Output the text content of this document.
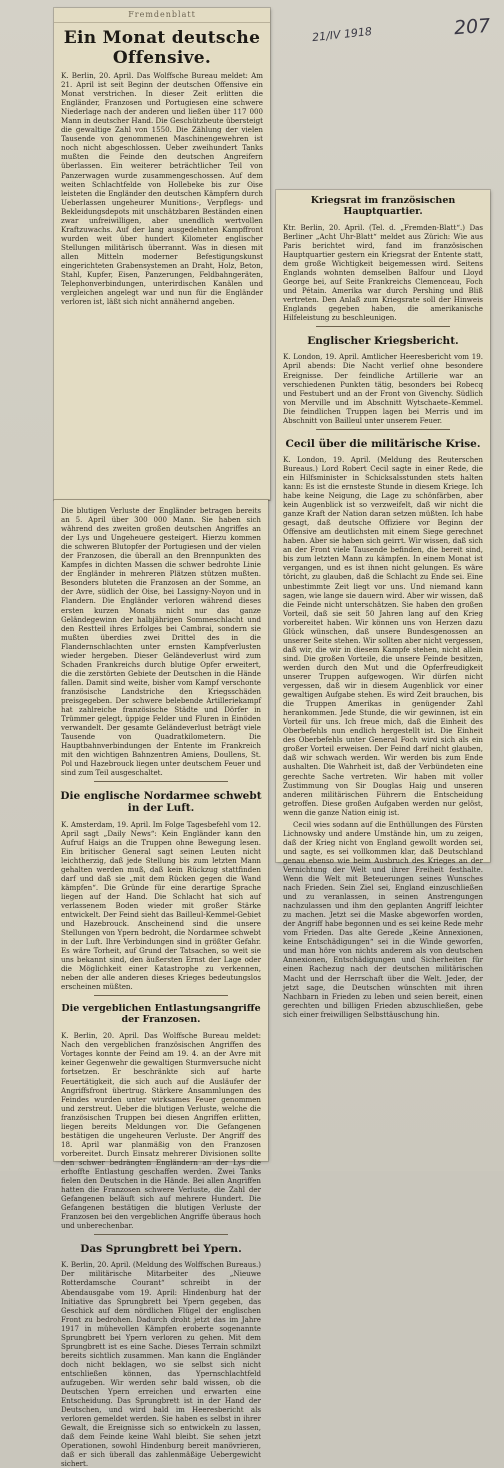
21/IV 1918	207
Fremdenblatt
Ein Monat deutsche Offensive.

K. Berlin, 20. April. Das Wolffsche Bureau meldet: Am 21. April ist seit Beginn der deutschen Offensive ein Monat verstrichen. In dieser Zeit erlitten die Engländer, Franzosen und Portugiesen eine schwere Niederlage nach der anderen und ließen über 117 000 Mann in deutscher Hand. Die Geschützbeute übersteigt die gewaltige Zahl von 1550. Die Zählung der vielen Tausende von genommenen Maschinengewehren ist noch nicht abgeschlossen. Ueber zweihundert Tanks mußten die Feinde den deutschen Angreifern überlassen. Ein weiterer beträchtlicher Teil von Panzerwagen wurde zusammengeschossen. Auf dem weiten Schlachtfelde von Hollebeke bis zur Oise leisteten die Engländer den deutschen Kämpfern durch Ueberlassen ungeheurer Munitions-, Verpflegs- und Bekleidungsdepots mit unschätzbaren Beständen einen zwar unfreiwilligen, aber unendlich wertvollen Kraftzuwachs. Auf der lang ausgedehnten Kampffront wurden weit über hundert Kilometer englischer Stellungen militärisch überrannt. Was in diesen mit allen Mitteln moderner Befestigungskunst eingerichteten Grabensystemen an Draht, Holz, Beton, Stahl, Kupfer, Eisen, Panzerungen, Feldbahngeräten, Telephonverbindungen, unterirdischen Kanälen und vergleichen angelegt war und nun für die Engländer verloren ist, läßt sich nicht annähernd angeben.

Die blutigen Verluste der Engländer betragen bereits an 5. April über 300 000 Mann. Sie haben sich während des zweiten großen deutschen Angriffes an der Lys und Ungeheuere gesteigert. Hierzu kommen die schweren Blutopfer der Portugiesen und der vielen der Franzosen, die überall an den Brennpunkten des Kampfes in dichten Massen die schwer bedrohte Linie der Engländer in mehreren Plätzen stützen mußten. Besonders bluteten die Franzosen an der Somme, an der Avre, südlich der Oise, bei Lassigny-Noyon und in Flandern. Die Engländer verloren während dieses ersten kurzen Monats nicht nur das ganze Geländegewinn der halbjährigen Sommeschlacht und den Restteil ihres Erfolges bei Cambrai, sondern sie mußten überdies zwei Drittel des in die Flandernschlachten unter ernsten Kampfverlusten wieder hergeben. Dieser Geländeverlust wird zum Schaden Frankreichs durch blutige Opfer erweitert, die die zerstörten Gebiete der Deutschen in die Hände fallen. Damit sind weite, bisher vom Kampf verschonte französische Landstriche den Kriegsschäden preisgegeben. Der schwere belebende Artilleriekampf hat zahlreiche französische Städte und Dörfer in Trümmer gelegt, üppige Felder und Fluren in Einöden verwandelt. Der gesamte Geländeverlust beträgt viele Tausende von Quadratkilometern. Die Hauptbahnverbindungen der Entente im Frankreich mit den wichtigen Bahnzentren Amiens, Doullens, St. Pol und Hazebrouck liegen unter deutschem Feuer und sind zum Teil ausgeschaltet.

Die englische Nordarmee schwebt in der Luft.

K. Amsterdam, 19. April. Im Folge Tagesbefehl vom 12. April sagt „Daily News“: Kein Engländer kann den Aufruf Haigs an die Truppen ohne Bewegung lesen. Ein britischer General sagt seinen Leuten nicht leichtherzig, daß jede Stellung bis zum letzten Mann gehalten werden muß, daß kein Rückzug stattfinden darf und daß sie „mit dem Rücken gegen die Wand kämpfen“. Die Gründe für eine derartige Sprache liegen auf der Hand. Die Schlacht hat sich auf verlassenem Boden wieder mit großer Stärke entwickelt. Der Feind sieht das Bailleul-Kemmel-Gebiet und Hazebrouck. Anscheinend sind die unsere Stellungen von Ypern bedroht, die Nordarmee schwebt in der Luft. Ihre Verbindungen sind in größter Gefahr. Es wäre Torheit, auf Grund der Tatsachen, so weit sie uns bekannt sind, den äußersten Ernst der Lage oder die Möglichkeit einer Katastrophe zu verkennen, neben der alle anderen dieses Krieges bedeutungslos erscheinen müßten.

Die vergeblichen Entlastungsangriffe der Franzosen.

K. Berlin, 20. April. Das Wolffsche Bureau meldet: Nach den vergeblichen französischen Angriffen des Vortages konnte der Feind am 19. 4. an der Avre mit keiner Gegenwehr die gewaltigen Sturmversuche nicht fortsetzen. Er beschränkte sich auf harte Feuertätigkeit, die sich auch auf die Ausläufer der Angriffsfront übertrug. Stärkere Ansammlungen des Feindes wurden unter wirksames Feuer genommen und zerstreut. Ueber die blutigen Verluste, welche die französischen Truppen bei diesen Angriffen erlitten, liegen bereits Meldungen vor. Die Gefangenen bestätigen die ungeheuren Verluste. Der Angriff des 18. April war planmäßig von den Franzosen vorbereitet. Durch Einsatz mehrerer Divisionen sollte den schwer bedrängten Engländern an der Lys die erhoffte Entlastung geschaffen werden. Zwei Tanks fielen den Deutschen in die Hände. Bei allen Angriffen hatten die Franzosen schwere Verluste, die Zahl der Gefangenen beläuft sich auf mehrere Hundert. Die Gefangenen bestätigen die blutigen Verluste der Franzosen bei den vergeblichen Angriffe überaus hoch und unberechenbar.

Das Sprungbrett bei Ypern.

K. Berlin, 20. April. (Meldung des Wolffschen Bureaus.) Der militärische Mitarbeiter des „Nieuwe Rotterdamsche Courant“ schreibt in der Abendausgabe vom 19. April: Hindenburg hat der Initiative das Sprungbrett bei Ypern gegeben, das Geschick auf dem nördlichen Flügel der englischen Front zu bedrohen. Dadurch droht jetzt das im Jahre 1917 in mühevollen Kämpfen eroberte sogenannte Sprungbrett bei Ypern verloren zu gehen. Mit dem Sprungbrett ist es eine Sache. Dieses Terrain schmilzt bereits sichtlich zusammen. Man kann die Engländer doch nicht beklagen, wo sie selbst sich nicht entschließen können, das Ypernschlachtfeld aufzugeben. Wir werden sehr bald wissen, ob die Deutschen Ypern erreichen und erwarten eine Entscheidung. Das Sprungbrett ist in der Hand der Deutschen, und wird bald im Heeresbericht als verloren gemeldet werden. Sie haben es selbst in ihrer Gewalt, die Ereignisse sich so entwickeln zu lassen, daß dem Feinde keine Wahl bleibt. Sie sehen jetzt Operationen, sowohl Hindenburg bereit manövrieren, daß er sich überall das zahlenmäßige Uebergewicht sichert.

Kriegsrat im französischen Hauptquartier.

Ktr. Berlin, 20. April. (Tel. d. „Fremden-Blatt“.) Das Berliner „Acht Uhr-Blatt“ meldet aus Zürich: Wie aus Paris berichtet wird, fand im französischen Hauptquartier gestern ein Kriegsrat der Entente statt, dem große Wichtigkeit beigemessen wird. Seitens Englands wohnten demselben Balfour und Lloyd George bei, auf Seite Frankreichs Clemenceau, Foch und Pétain. Amerika war durch Pershing und Bliß vertreten. Den Anlaß zum Kriegsrate soll der Hinweis Englands gegeben haben, die amerikanische Hilfeleistung zu beschleunigen.

Englischer Kriegsbericht.

K. London, 19. April. Amtlicher Heeresbericht vom 19. April abends: Die Nacht verlief ohne besondere Ereignisse. Der feindliche Artillerie war an verschiedenen Punkten tätig, besonders bei Robecq und Festubert und an der Front von Givenchy. Südlich von Merville und im Abschnitt Wytschaete–Kemmel. Die feindlichen Truppen lagen bei Merris und im Abschnitt von Bailleul unter unserem Feuer.

Cecil über die militärische Krise.

K. London, 19. April. (Meldung des Reuterschen Bureaus.) Lord Robert Cecil sagte in einer Rede, die ein Hilfsminister in Schicksalsstunden stets halten kann: Es ist die ernsteste Stunde in diesem Kriege. Ich habe keine Neigung, die Lage zu schönfärben, aber kein Augenblick ist so verzweifelt, daß wir nicht die ganze Kraft der Nation daran setzen müßten. Ich habe gesagt, daß deutsche Offiziere vor Beginn der Offensive am deutlichsten mit einem Siege gerechnet haben. Aber sie haben sich geirrt. Wir wissen, daß sich an der Front viele Tausende befinden, die bereit sind, bis zum letzten Mann zu kämpfen. In einem Monat ist vergangen, und es ist ihnen nicht gelungen. Es wäre töricht, zu glauben, daß die Schlacht zu Ende sei. Eine unbestimmte Zeit liegt vor uns. Und niemand kann sagen, wie lange sie dauern wird. Aber wir wissen, daß die Feinde nicht unterschätzen. Sie haben den großen Vorteil, daß sie seit 50 Jahren lang auf den Krieg vorbereitet haben. Wir können uns von Herzen dazu Glück wünschen, daß unsere Bundesgenossen an unserer Seite stehen. Wir sollten aber nicht vergessen, daß wir, die wir in diesem Kampfe stehen, nicht allein sind. Die großen Vorteile, die unsere Feinde besitzen, werden durch den Mut und die Opferfreudigkeit unserer Truppen aufgewogen. Wir dürfen nicht vergessen, daß wir in diesem Augenblick vor einer gewaltigen Aufgabe stehen. Es wird Zeit brauchen, bis die Truppen Amerikas in genügender Zahl herankommen. Jede Stunde, die wir gewinnen, ist ein Vorteil für uns. Ich freue mich, daß die Einheit des Oberbefehls nun endlich hergestellt ist. Die Einheit des Oberbefehls unter General Foch wird sich als ein großer Vorteil erweisen. Der Feind darf nicht glauben, daß wir schwach werden. Wir werden bis zum Ende aushalten. Die Wahrheit ist, daß der Verbündeten eine gerechte Sache vertreten. Wir haben mit voller Zustimmung von Sir Douglas Haig und unseren anderen militärischen Führern die Entscheidung getroffen. Diese großen Aufgaben werden nur gelöst, wenn die ganze Nation einig ist.

Cecil wies sodann auf die Enthüllungen des Fürsten Lichnowsky und andere Umstände hin, um zu zeigen, daß der Krieg nicht von England gewollt worden sei, und sagte, es sei vollkommen klar, daß Deutschland genau ebenso wie beim Ausbruch des Krieges an der Vernichtung der Welt und ihrer Freiheit festhalte. Wenn die Welt mit Beteuerungen seines Wunsches nach Frieden. Sein Ziel sei, England einzuschließen und zu veranlassen, in seinen Anstrengungen nachzulassen und ihm den geplanten Angriff leichter zu machen. Jetzt sei die Maske abgeworfen worden, der Angriff habe begonnen und es sei keine Rede mehr vom Frieden. Das alte Gerede „Keine Annexionen, keine Entschädigungen“ sei in die Winde geworfen, und man höre von nichts anderem als von deutschen Annexionen, Entschädigungen und Sicherheiten für einen Rachezug nach der deutschen militärischen Macht und der Herrschaft über die Welt. Jeder, der jetzt sage, die Deutschen wünschten mit ihren Nachbarn in Frieden zu leben und seien bereit, einen gerechten und billigen Frieden abzuschließen, gebe sich einer freiwilligen Selbsttäuschung hin.
